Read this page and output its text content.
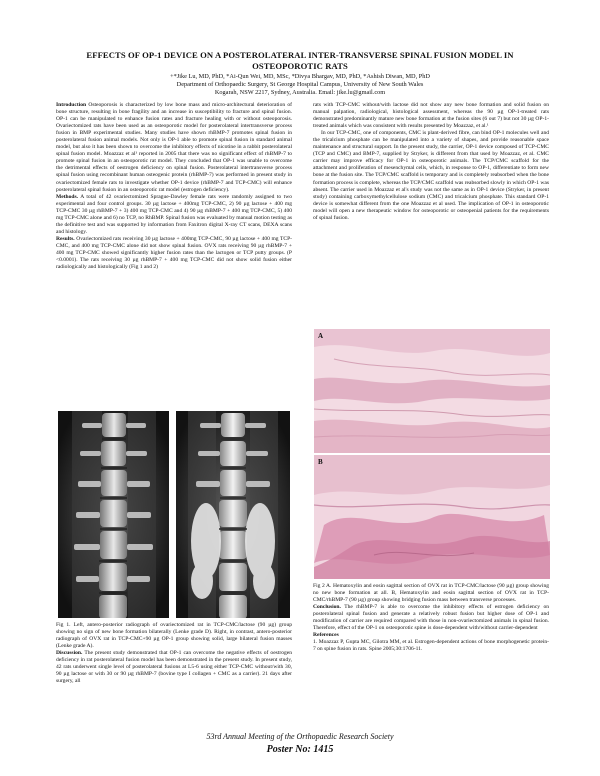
EFFECTS OF OP-1 DEVICE ON A POSTEROLATERAL INTER-TRANSVERSE SPINAL FUSION MODEL IN
OSTEOPOROTIC RATS
+*Jike Lu, MD, PhD, *Ai-Qun Wei, MD, MSc, *Divya Bhargav, MD, PhD, *Ashish Diwan, MD, PhD
Department of Orthopaedic Surgery, St George Hospital Campus, University of New South Wales
Kogarah, NSW 2217, Sydney, Australia. Email: jike.lu@gmail.com

Introduction Osteoporosis is characterized by low bone mass and micro-architectural deterioration of bone structure, resulting in bone fragility and an increase in susceptibility to fracture and spinal fusion. OP-1 can be manipulated to enhance fusion rates and fracture healing with or without osteoporosis. Ovariectomized rats have been used as an osteoporotic model for posterolateral intertransverse process fusion in BMP experimental studies. Many studies have shown rhBMP-7 promotes spinal fusion in posterolateral fusion animal models. Not only is OP-1 able to promote spinal fusion in standard animal model, but also it has been shown to overcome the inhibitory effects of nicotine in a rabbit posterolateral spinal fusion model. Moazzaz et al¹ reported in 2005 that there was no significant effect of rhBMP-7 to promote spinal fusion in an osteoporotic rat model. They concluded that OP-1 was unable to overcome the detrimental effects of oestrogen deficiency on spinal fusion. Posterolateral intertransverse process spinal fusion using recombinant human osteogenic protein (rhBMP-7) was performed in present study in ovariectomized female rats to investigate whether OP-1 device (rhBMP-7 and TCP-CMC) will enhance posterolateral spinal fusion in an osteoporotic rat model (estrogen deficiency).

Methods. A total of 42 ovariectomized Sprague-Dawley female rats were randomly assigned to two experimental and four control groups. 30 µg lactose + 400mg TCP-CMC, 2) 90 µg lactose + 400 mg TCP-CMC 30 µg rhBMP-7 + 3) 400 mg TCP-CMC and 4) 90 µg rhBMP-7 + 400 mg TCP-CMC, 5) 400 mg TCP-CMC alone and 6) no TCP, no RhBMP. Spinal fusion was evaluated by manual motion testing as the definitive test and was supported by information from Faxitron digital X-ray CT scans, DEXA scans and histology.

Results. Ovariectomized rats receiving 30 µg lactose + 400mg TCP-CMC, 90 µg lactose + 400 mg TCP-CMC, and 400 mg TCP-CMC alone did not show spinal fusion. OVX rats receiving 90 µg rhBMP-7 + 400 mg TCP-CMC showed significantly higher fusion rates than the lactogen or TCP putty groups. (P <0.0001). The rats receiving 30 µg rhBMP-7 + 400 mg TCP-CMC did not show solid fusion either radiologically and histologically (Fig 1 and 2)

Fig 1. Left, antero-posterior radiograph of ovariectomized rat in TCP-CMC/lactose (90 µg) group showing no sign of new bone formation bilaterally (Lenke grade D). Right, in contrast, antero-posterior radiograph of OVX rat in TCP-CMC+90 µg OP-1 group showing solid, large bilateral fusion masses (Lenke grade A).

Discussion. The present study demonstrated that OP-1 can overcome the negative effects of oestrogen deficiency in rat posterolateral fusion model has been demonstrated in the present study. In present study, 42 rats underwent single level of posterolateral fusions at L5-6 using either TCP-CMC without/with 30, 90 µg lactose or with 30 or 90 µg rhBMP-7 (bovine type I collagen + CMC as a carrier). 21 days after surgery, all

rats with TCP-CMC without/with lactose did not show any new bone formation and solid fusion on manual palpation, radiological, histological assessment, whereas the 90 µg OP-1-treated rats demonstrated predominantly mature new bone formation at the fusion sites (6 out 7) but not 30 µg OP-1-treated animals which was consistent with results presented by Moazzaz, et al.¹

In our TCP-CMC, one of components, CMC is plant-derived fibre, can bind OP-1 molecules well and the tricalcium phosphate can be manipulated into a variety of shapes, and provide reasonable space maintenance and structural support. In the present study, the carrier, OP-1 device composed of TCP-CMC (TCP and CMC) and BMP-7, supplied by Stryker, is different from that used by Moazzaz, et al. CMC carrier may improve efficacy for OP-1 in osteoporotic animals. The TCP/CMC scaffold for the attachment and proliferation of mesenchymal cells, which, in response to OP-1, differentiate to form new bone at the fusion site. The TCP/CMC scaffold is temporary and is completely reabsorbed when the bone formation process is complete, whereas the TCP/CMC scaffold was reabsorbed slowly in which OP-1 was absent. The carrier used in Moazzaz et al's study was not the same as in OP-1 device (Stryker, in present study) containing carboxymethylcellulose sodium (CMC) and tricalcium phosphate. This standard OP-1 device is somewhat different from the one Moazzaz et al used. The implication of OP-1 in osteoporotic model will open a new therapeutic window for osteoporotic or osteopenial patients for the requirements of spinal fusion.

A
B

Fig 2 A. Hematoxylin and eosin sagittal section of OVX rat in TCP-CMC/lactose (90 µg) group showing no new bone formation at all. B, Hematoxylin and eosin sagittal section of OVX rat in TCP-CMC/rhBMP-7 (90 µg) group showing bridging fusion mass between transverse processes.

Conclusion. The rhBMP-7 is able to overcome the inhibitory effects of estrogen deficiency on posterolateral spinal fusion and generate a relatively robust fusion but higher dose of OP-1 and modification of carrier are required compared with those in non-ovariectomized animals in spinal fusion. Therefore, effect of the OP-1 on osteoporotic spine is dose-dependent with/without carrier-dependent

References

1. Moazzaz P, Gupta MC, Gilotra MM, et al. Estrogen-dependent actions of bone morphogenetic protein-7 on spine fusion in rats. Spine 2005;30:1706-11.

53rd Annual Meeting of the Orthopaedic Research Society
Poster No: 1415
